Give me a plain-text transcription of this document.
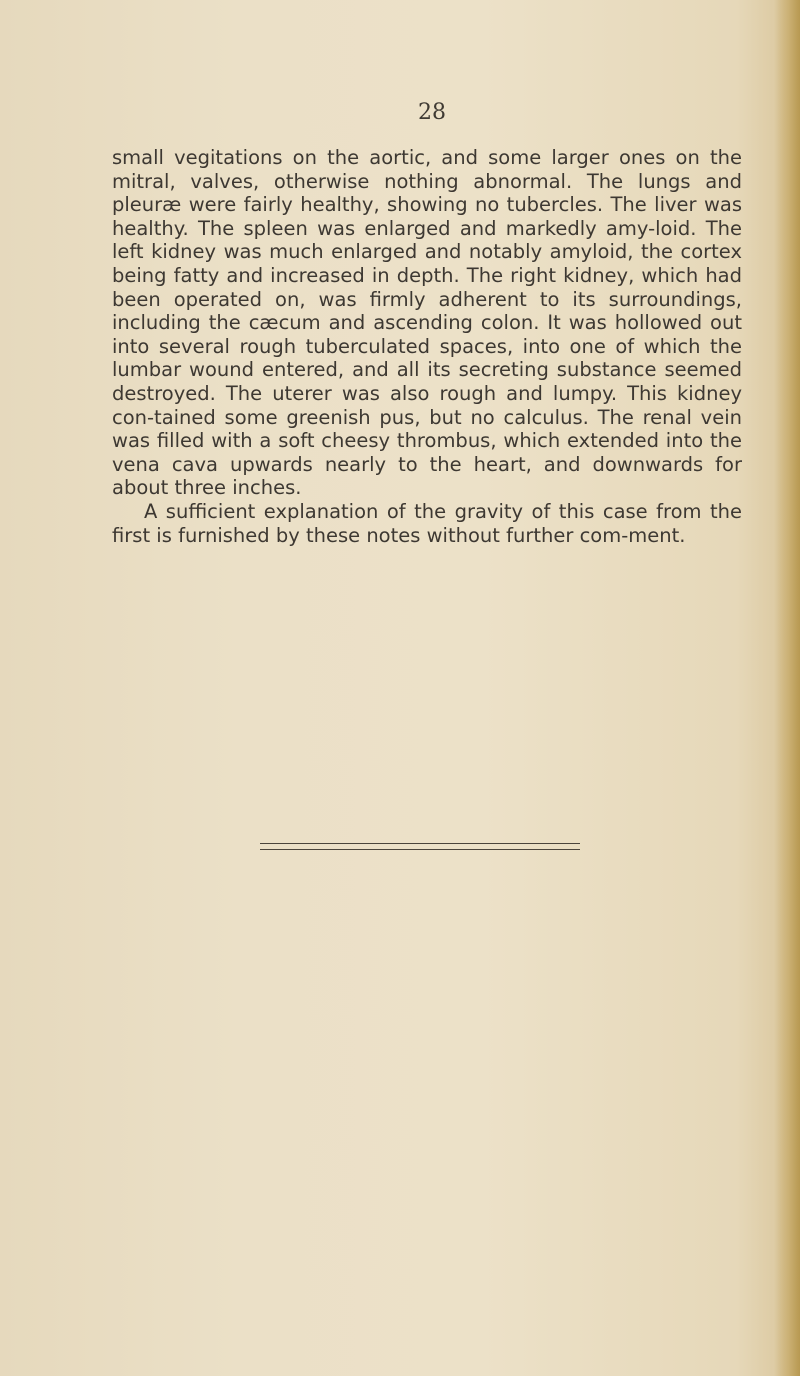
28

small vegitations on the aortic, and some larger ones on the mitral, valves, otherwise nothing abnormal. The lungs and pleuræ were fairly healthy, showing no tubercles. The liver was healthy. The spleen was enlarged and markedly amy-loid. The left kidney was much enlarged and notably amyloid, the cortex being fatty and increased in depth. The right kidney, which had been operated on, was firmly adherent to its surroundings, including the cæcum and ascending colon. It was hollowed out into several rough tuberculated spaces, into one of which the lumbar wound entered, and all its secreting substance seemed destroyed. The uterer was also rough and lumpy. This kidney con-tained some greenish pus, but no calculus. The renal vein was filled with a soft cheesy thrombus, which extended into the vena cava upwards nearly to the heart, and downwards for about three inches.

A sufficient explanation of the gravity of this case from the first is furnished by these notes without further com-ment.
